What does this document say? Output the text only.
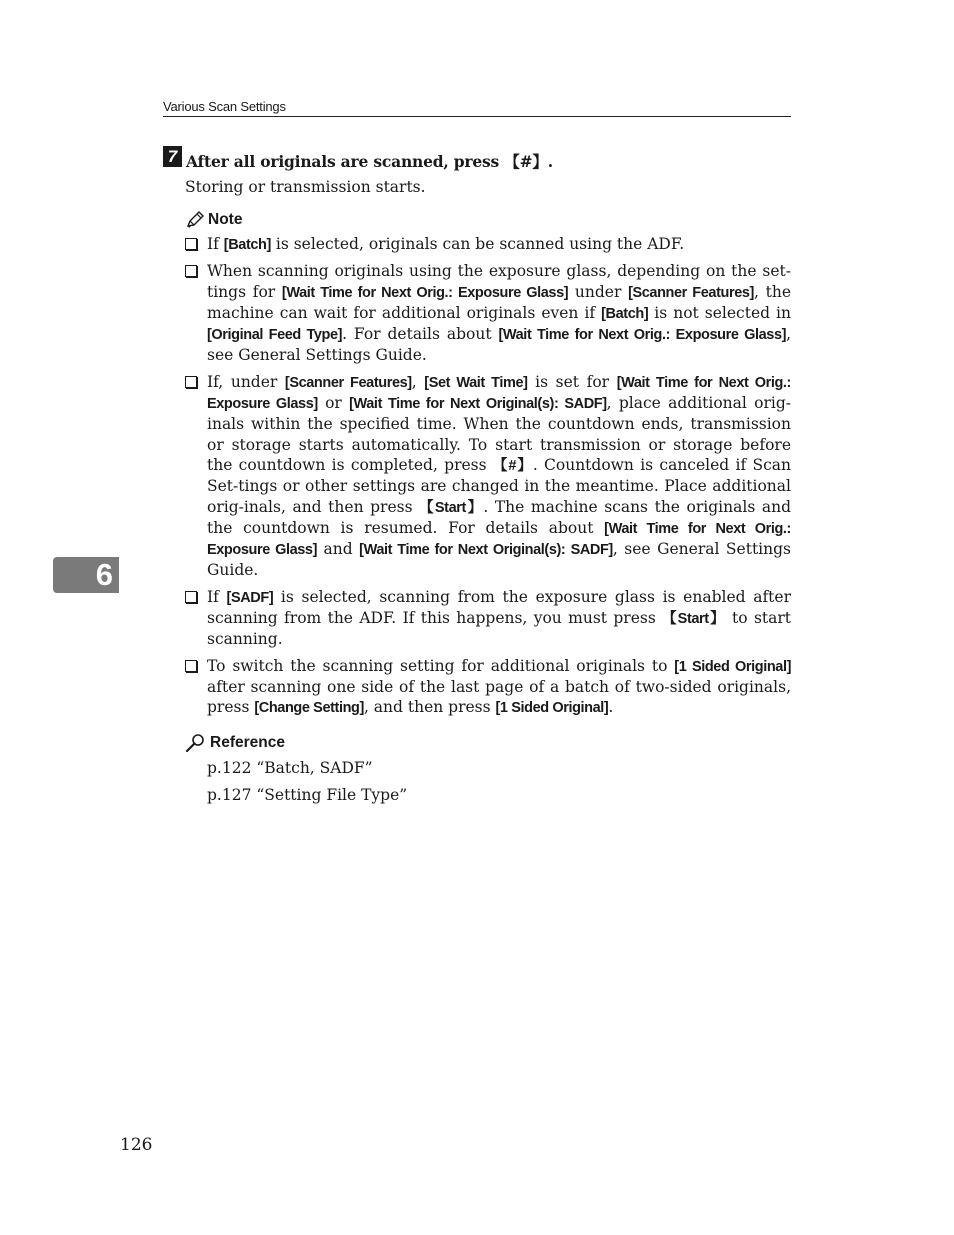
Various Scan Settings
7 After all originals are scanned, press 【#】.
Storing or transmission starts.
Note
If [Batch] is selected, originals can be scanned using the ADF.
When scanning originals using the exposure glass, depending on the set-tings for [Wait Time for Next Orig.: Exposure Glass] under [Scanner Features], the machine can wait for additional originals even if [Batch] is not selected in [Original Feed Type]. For details about [Wait Time for Next Orig.: Exposure Glass], see General Settings Guide.
If, under [Scanner Features], [Set Wait Time] is set for [Wait Time for Next Orig.: Exposure Glass] or [Wait Time for Next Original(s): SADF], place additional orig-inals within the specified time. When the countdown ends, transmission or storage starts automatically. To start transmission or storage before the countdown is completed, press 【#】. Countdown is canceled if Scan Set-tings or other settings are changed in the meantime. Place additional orig-inals, and then press 【Start】. The machine scans the originals and the countdown is resumed. For details about [Wait Time for Next Orig.: Exposure Glass] and [Wait Time for Next Original(s): SADF], see General Settings Guide.
If [SADF] is selected, scanning from the exposure glass is enabled after scanning from the ADF. If this happens, you must press 【Start】 to start scanning.
To switch the scanning setting for additional originals to [1 Sided Original] after scanning one side of the last page of a batch of two-sided originals, press [Change Setting], and then press [1 Sided Original].
Reference
p.122 “Batch, SADF”
p.127 “Setting File Type”
6
126
